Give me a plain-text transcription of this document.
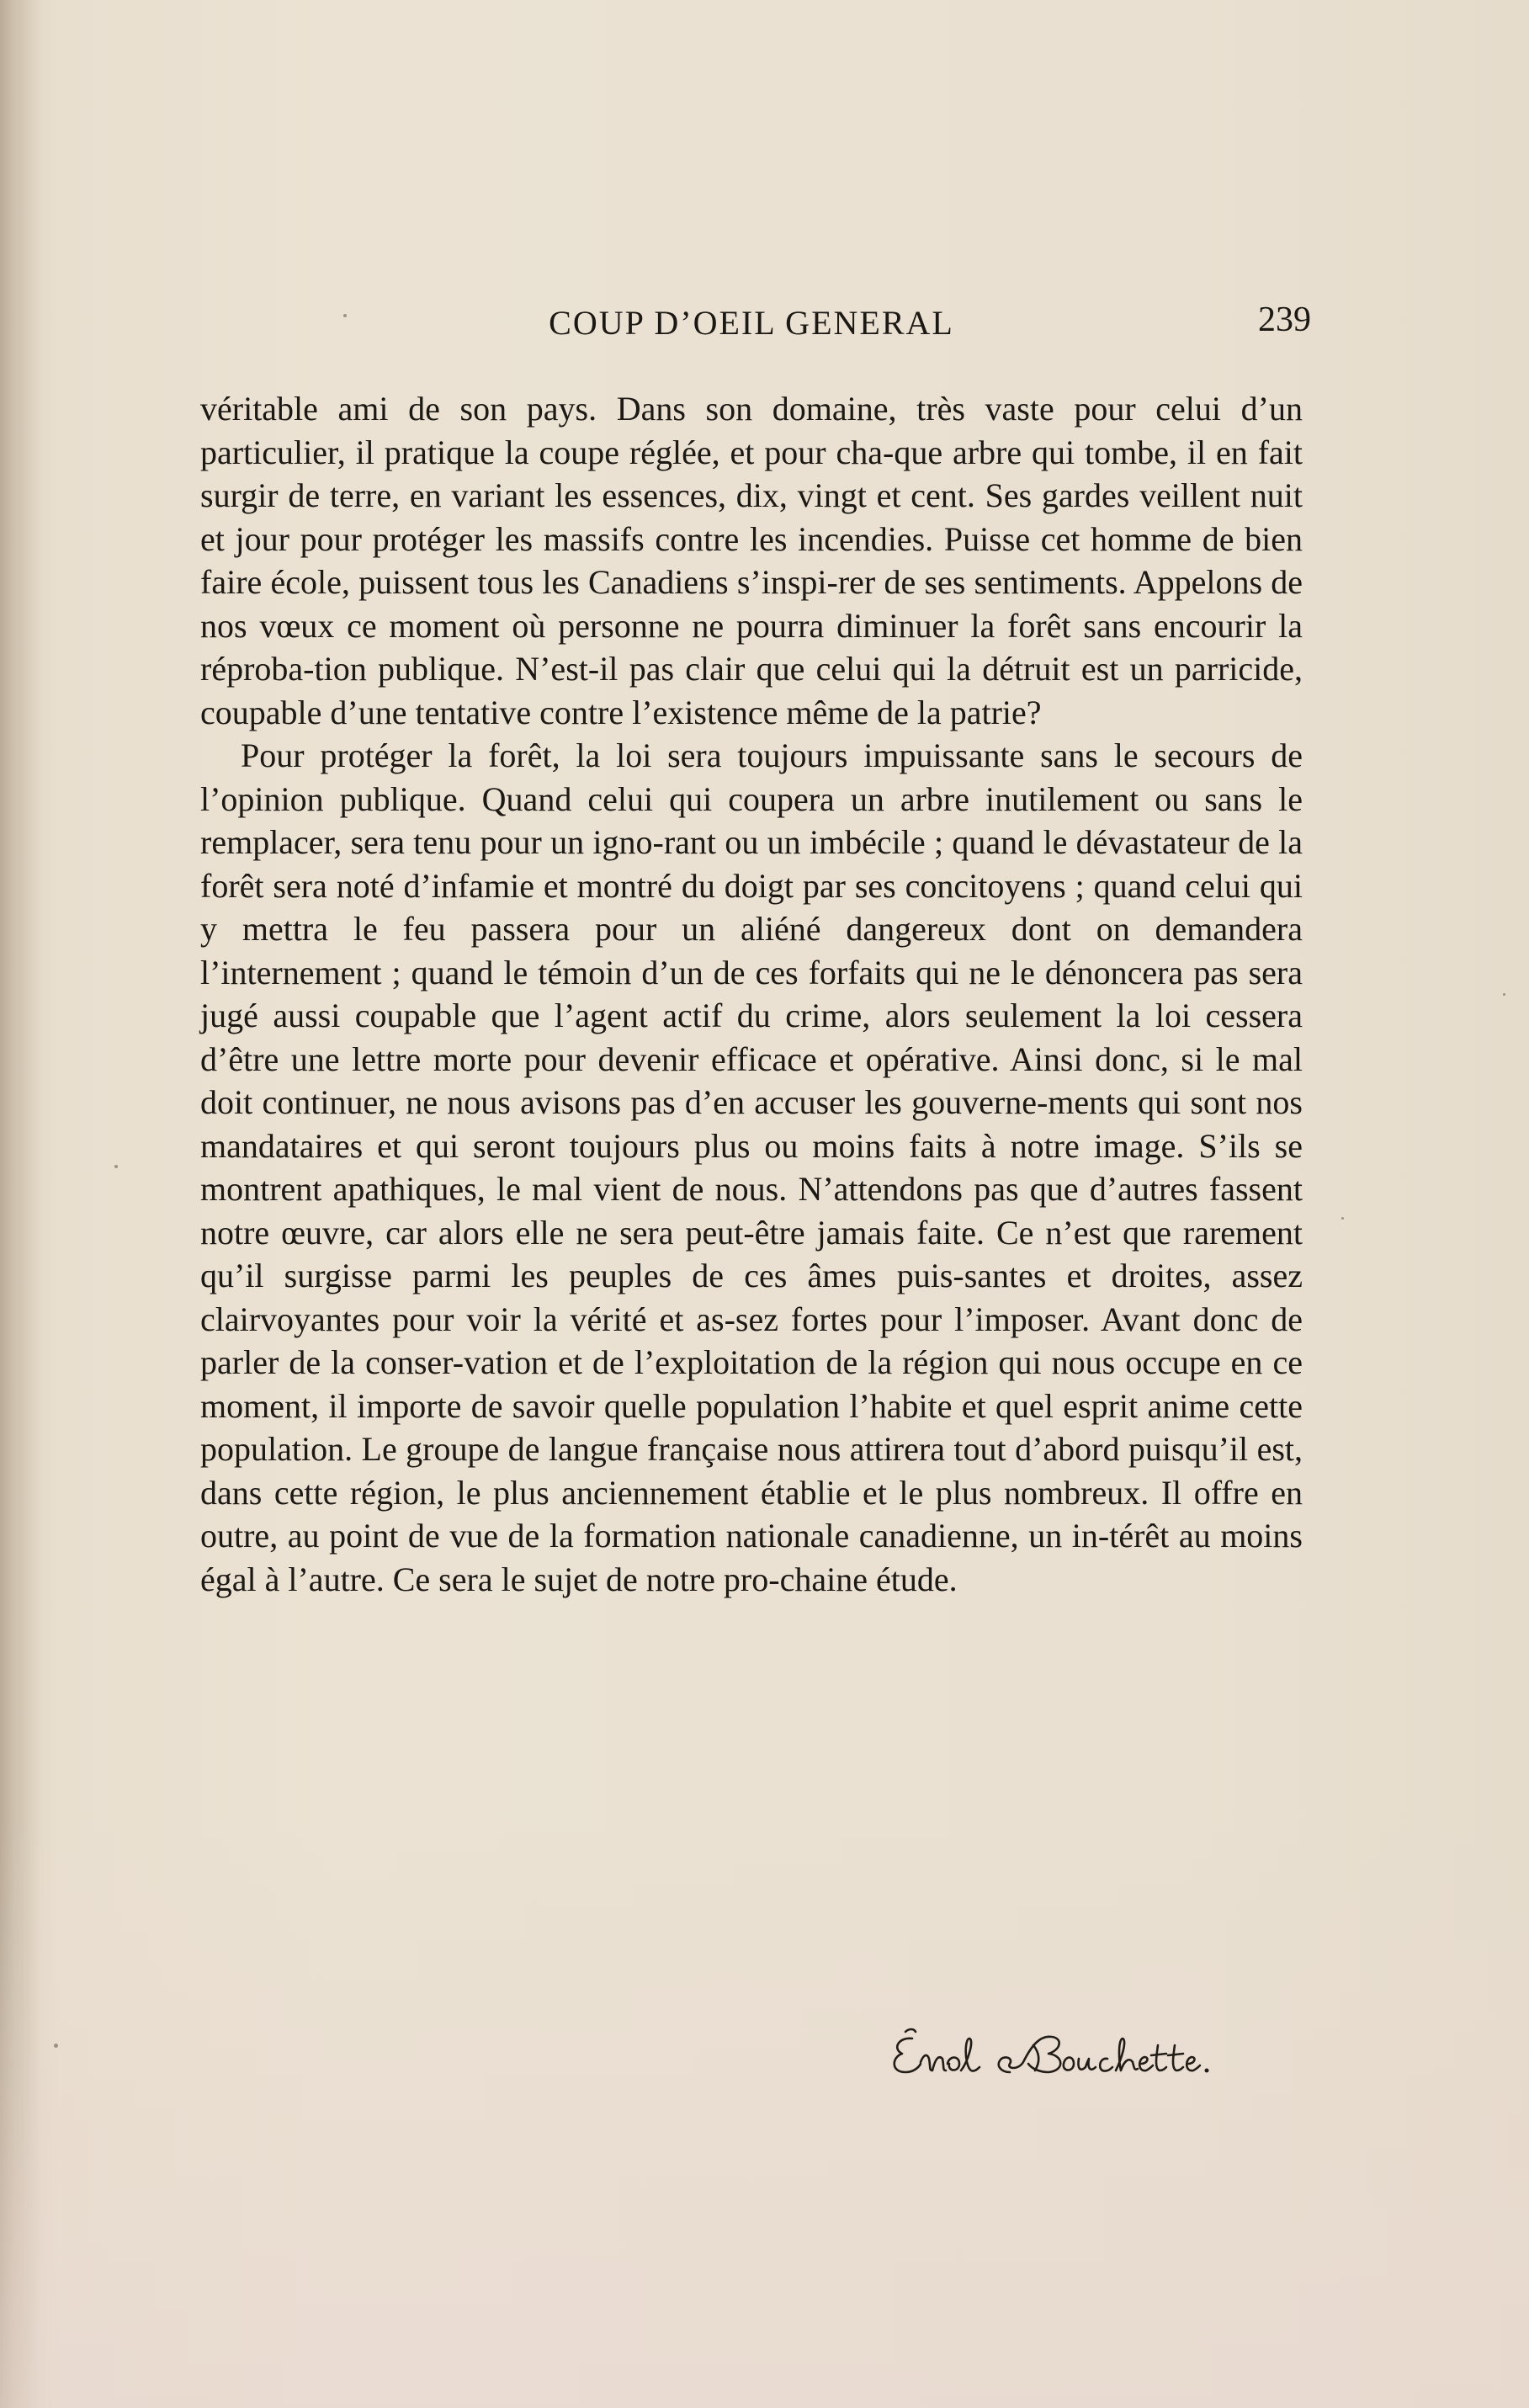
COUP D’OEIL GENERAL	239

véritable ami de son pays. Dans son domaine, très vaste pour celui d’un particulier, il pratique la coupe réglée, et pour cha-que arbre qui tombe, il en fait surgir de terre, en variant les essences, dix, vingt et cent. Ses gardes veillent nuit et jour pour protéger les massifs contre les incendies. Puisse cet homme de bien faire école, puissent tous les Canadiens s’inspi-rer de ses sentiments. Appelons de nos vœux ce moment où personne ne pourra diminuer la forêt sans encourir la réproba-tion publique. N’est-il pas clair que celui qui la détruit est un parricide, coupable d’une tentative contre l’existence même de la patrie?

Pour protéger la forêt, la loi sera toujours impuissante sans le secours de l’opinion publique. Quand celui qui coupera un arbre inutilement ou sans le remplacer, sera tenu pour un igno-rant ou un imbécile ; quand le dévastateur de la forêt sera noté d’infamie et montré du doigt par ses concitoyens ; quand celui qui y mettra le feu passera pour un aliéné dangereux dont on demandera l’internement ; quand le témoin d’un de ces forfaits qui ne le dénoncera pas sera jugé aussi coupable que l’agent actif du crime, alors seulement la loi cessera d’être une lettre morte pour devenir efficace et opérative. Ainsi donc, si le mal doit continuer, ne nous avisons pas d’en accuser les gouverne-ments qui sont nos mandataires et qui seront toujours plus ou moins faits à notre image. S’ils se montrent apathiques, le mal vient de nous. N’attendons pas que d’autres fassent notre œuvre, car alors elle ne sera peut-être jamais faite. Ce n’est que rarement qu’il surgisse parmi les peuples de ces âmes puis-santes et droites, assez clairvoyantes pour voir la vérité et as-sez fortes pour l’imposer. Avant donc de parler de la conser-vation et de l’exploitation de la région qui nous occupe en ce moment, il importe de savoir quelle population l’habite et quel esprit anime cette population. Le groupe de langue française nous attirera tout d’abord puisqu’il est, dans cette région, le plus anciennement établie et le plus nombreux. Il offre en outre, au point de vue de la formation nationale canadienne, un in-térêt au moins égal à l’autre. Ce sera le sujet de notre pro-chaine étude.
